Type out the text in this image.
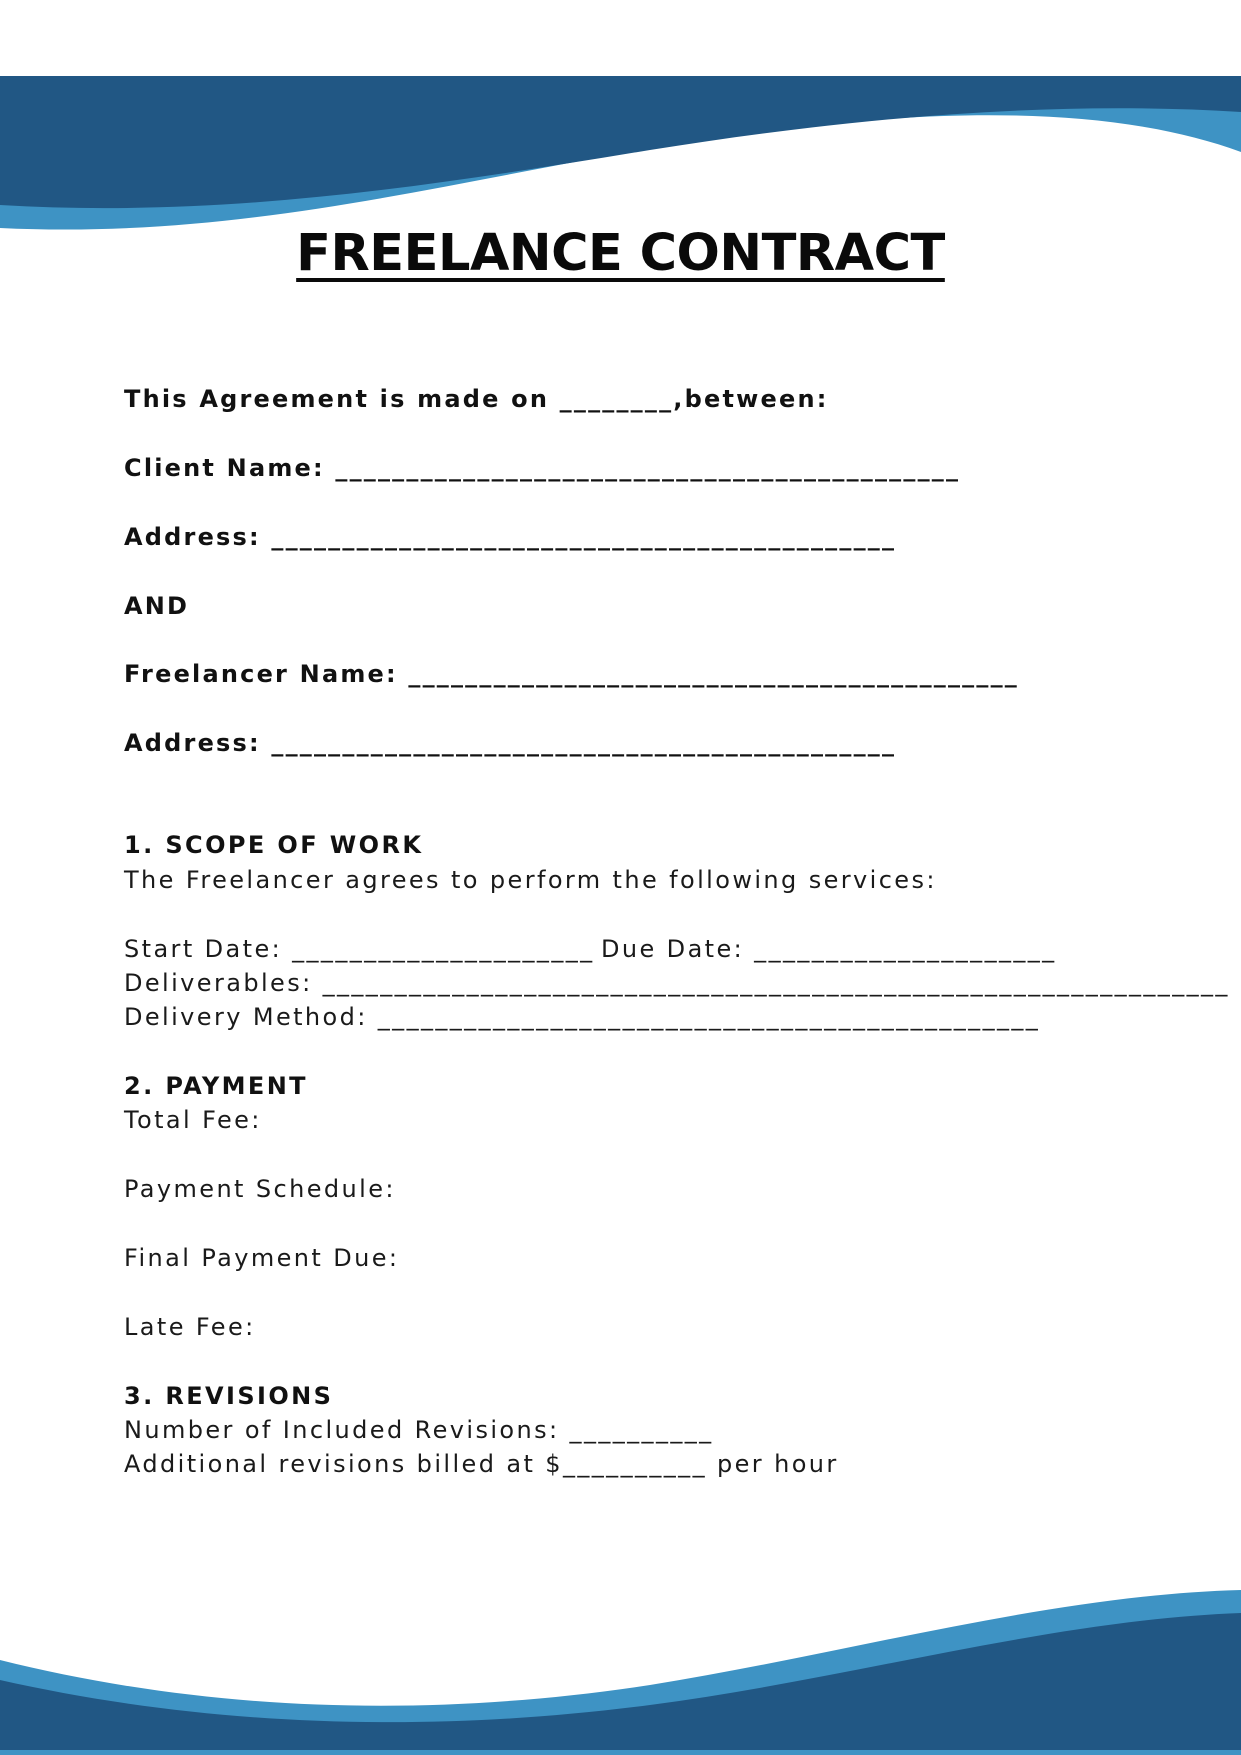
FREELANCE CONTRACT

This Agreement is made on ________,between:

Client Name: ____________________________________________

Address: ____________________________________________

AND

Freelancer Name: ___________________________________________

Address: ____________________________________________

1. SCOPE OF WORK

The Freelancer agrees to perform the following services:

Start Date: _____________________ Due Date: _____________________

Deliverables: _______________________________________________________________

Delivery Method: ______________________________________________

2. PAYMENT

Total Fee:

Payment Schedule:

Final Payment Due:

Late Fee:

3. REVISIONS

Number of Included Revisions: __________

Additional revisions billed at $__________ per hour
